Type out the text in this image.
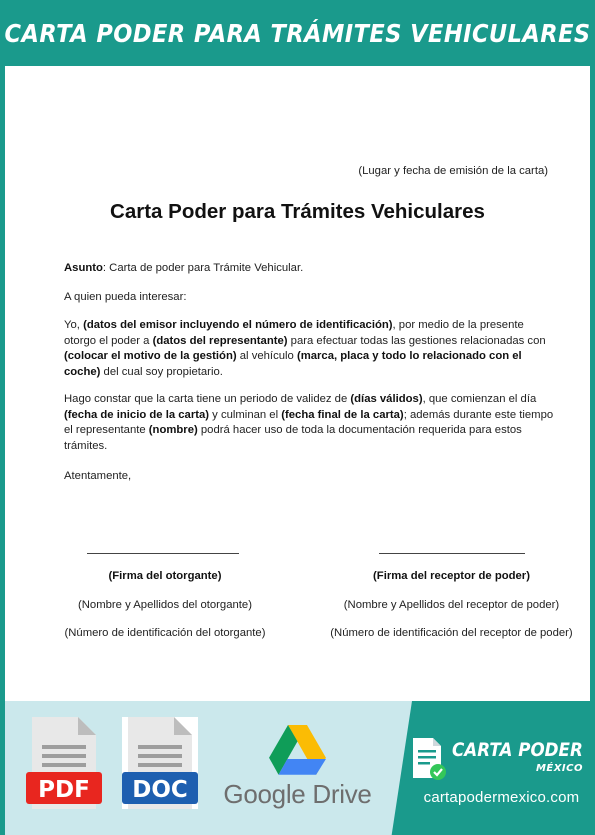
CARTA PODER PARA TRÁMITES VEHICULARES
(Lugar y fecha de emisión de la carta)
Carta Poder para Trámites Vehiculares
Asunto: Carta de poder para Trámite Vehicular.
A quien pueda interesar:
Yo, (datos del emisor incluyendo el número de identificación), por medio de la presente otorgo el poder a (datos del representante) para efectuar todas las gestiones relacionadas con (colocar el motivo de la gestión) al vehículo (marca, placa y todo lo relacionado con el coche) del cual soy propietario.
Hago constar que la carta tiene un periodo de validez de (días válidos), que comienzan el día (fecha de inicio de la carta) y culminan el (fecha final de la carta); además durante este tiempo el representante (nombre) podrá hacer uso de toda la documentación requerida para estos trámites.
Atentamente,
(Firma del otorgante)
(Nombre y Apellidos del otorgante)
(Número de identificación del otorgante)
(Firma del receptor de poder)
(Nombre y Apellidos del receptor de poder)
(Número de identificación del receptor de poder)
PDF DOC Google Drive
CARTA PODER
MÉXICO
cartapodermexico.com
